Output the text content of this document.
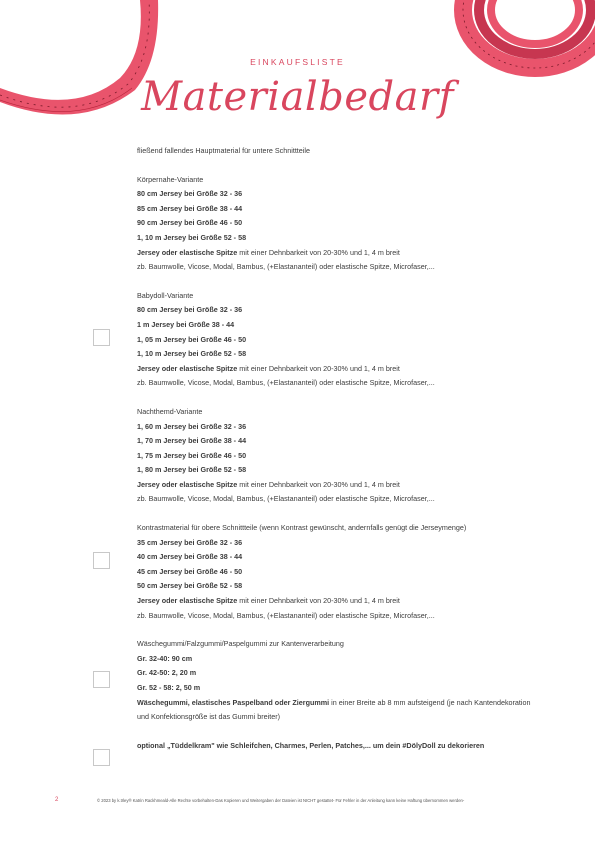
EINKAUFSLISTE
Materialbedarf
fließend fallendes Hauptmaterial für untere Schnittteile
Körpernahe-Variante
80 cm Jersey bei Größe 32 - 36
85 cm Jersey bei Größe 38 - 44
90 cm Jersey bei Größe 46 - 50
1, 10 m Jersey bei Größe 52 - 58
Jersey oder elastische Spitze mit einer Dehnbarkeit von 20-30% und 1, 4 m breit
zb. Baumwolle, Vicose, Modal, Bambus, (+Elastananteil) oder elastische Spitze, Microfaser,...
Babydoll-Variante
80 cm Jersey bei Größe 32 - 36
1 m Jersey bei Größe 38 - 44
1, 05 m Jersey bei Größe 46 - 50
1, 10 m Jersey bei Größe 52 - 58
Jersey oder elastische Spitze mit einer Dehnbarkeit von 20-30% und 1, 4 m breit
zb. Baumwolle, Vicose, Modal, Bambus, (+Elastananteil) oder elastische Spitze, Microfaser,...
Nachthemd-Variante
1, 60 m Jersey bei Größe 32 - 36
1, 70 m Jersey bei Größe 38 - 44
1, 75 m Jersey bei Größe 46 - 50
1, 80 m Jersey bei Größe 52 - 58
Jersey oder elastische Spitze mit einer Dehnbarkeit von 20-30% und 1, 4 m breit
zb. Baumwolle, Vicose, Modal, Bambus, (+Elastananteil) oder elastische Spitze, Microfaser,...
Kontrastmaterial für obere Schnittteile (wenn Kontrast gewünscht, andernfalls genügt die Jerseymenge)
35 cm Jersey bei Größe 32 - 36
40 cm Jersey bei Größe 38 - 44
45 cm Jersey bei Größe 46 - 50
50 cm Jersey bei Größe 52 - 58
Jersey oder elastische Spitze mit einer Dehnbarkeit von 20-30% und 1, 4 m breit
zb. Baumwolle, Vicose, Modal, Bambus, (+Elastananteil) oder elastische Spitze, Microfaser,...
Wäschegummi/Falzgummi/Paspelgummi zur Kantenverarbeitung
Gr. 32-40: 90 cm
Gr. 42-50: 2, 20 m
Gr. 52 - 58: 2, 50 m
Wäschegummi, elastisches Paspelband oder Ziergummi in einer Breite ab 8 mm aufsteigend (je nach Kantendekoration und Konfektionsgröße ist das Gummi breiter)
optional „Tüddelkram" wie Schleifchen, Charmes, Perlen, Patches,... um dein #DölyDoll zu dekorieren
2	© 2023 by k.trley® Katrin Rackhmeald-Alle Rechte vorbehalten-Das Kopieren und Weitergaben der Dateien ist NICHT gestattet- Für Fehler in der Anleitung kann keine Haftung übernommen werden-
